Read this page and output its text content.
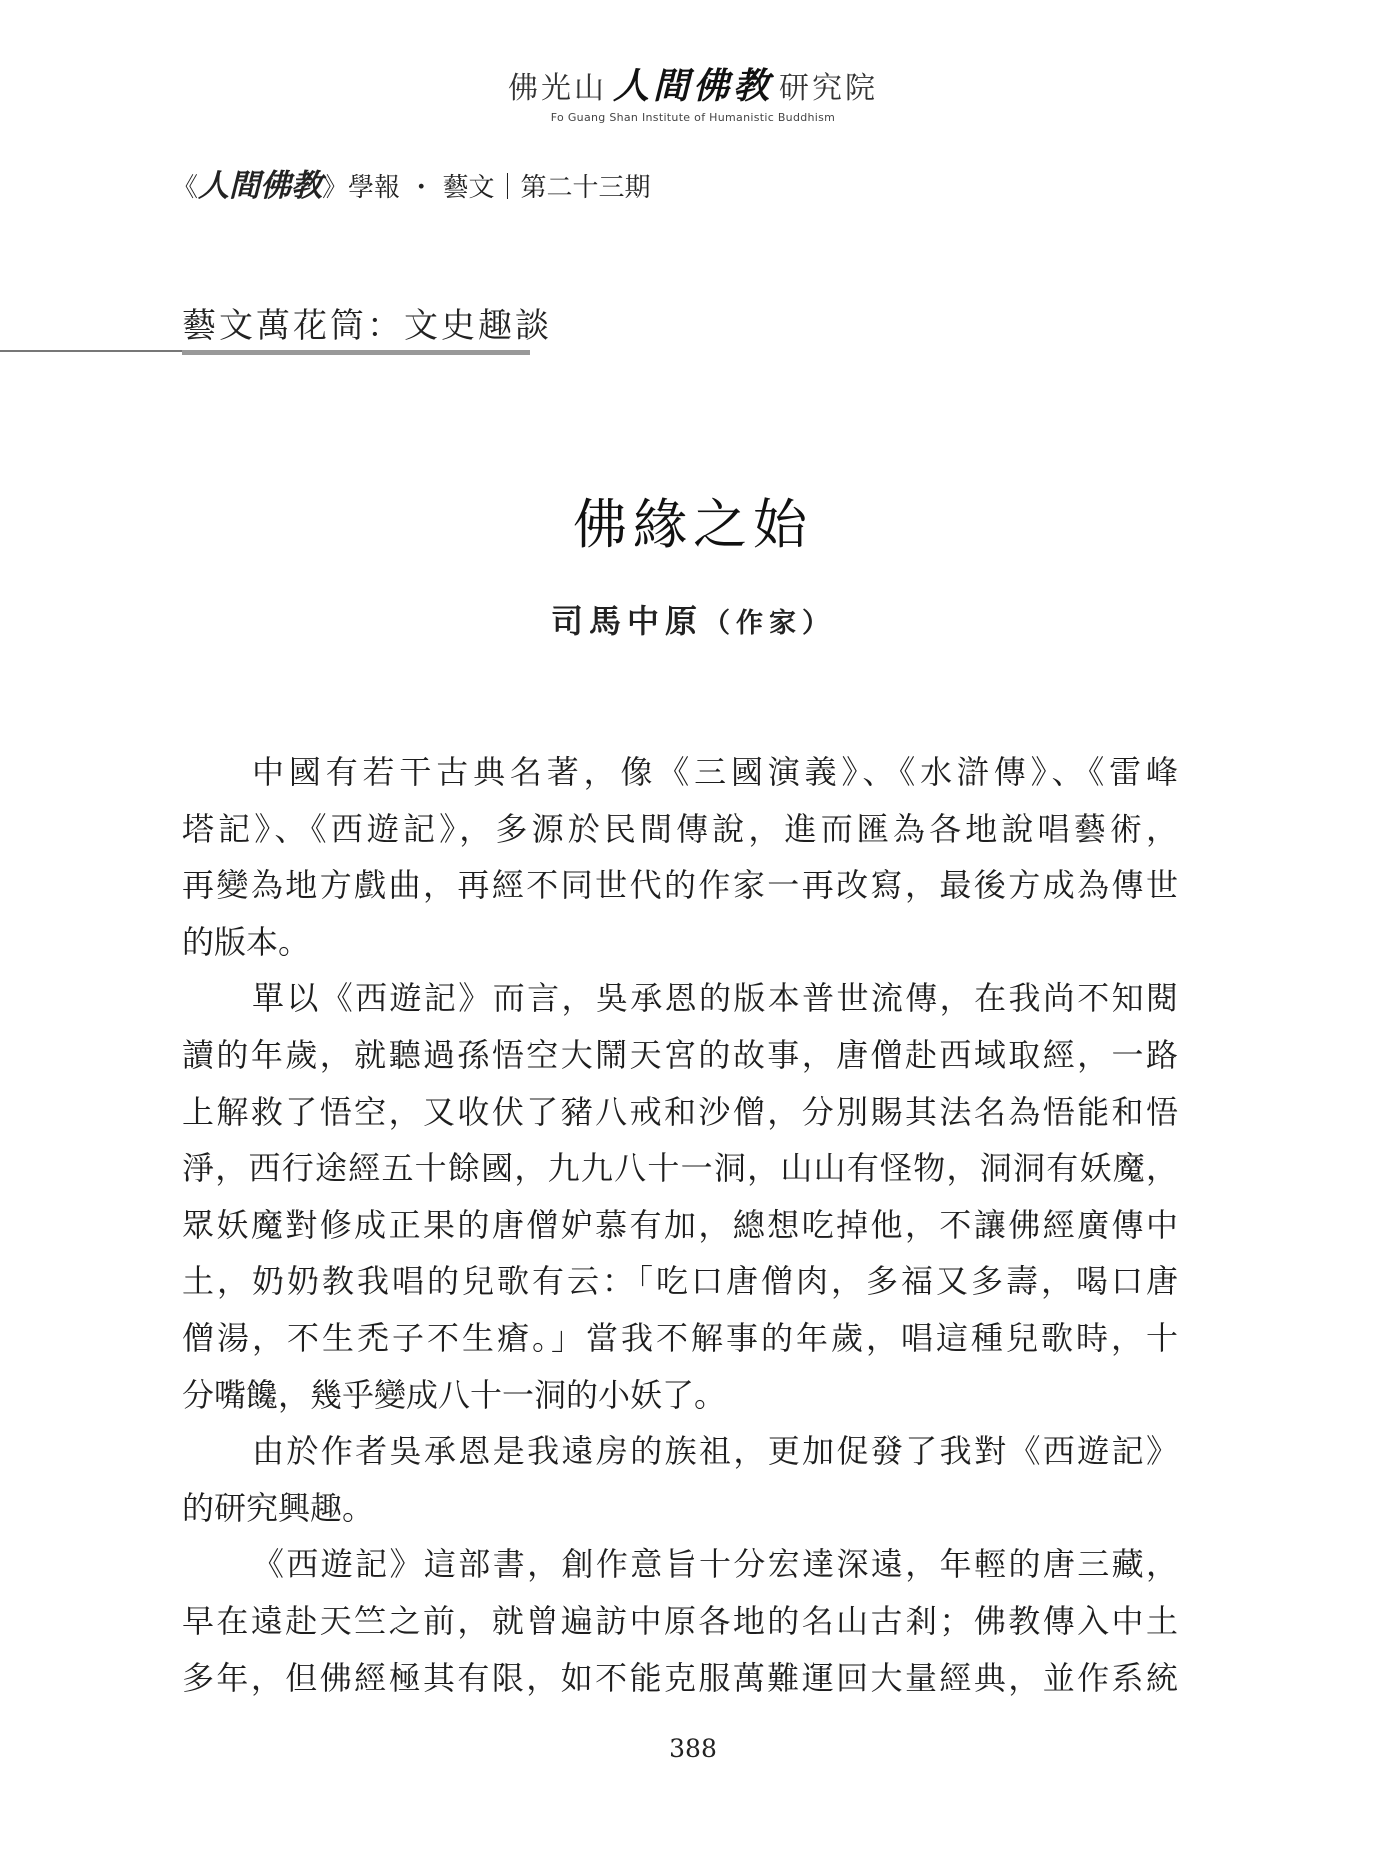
佛光山 人間佛教 研究院
Fo Guang Shan Institute of Humanistic Buddhism
《人間佛教》學報 ・ 藝文｜第二十三期
藝文萬花筒：文史趣談
佛緣之始
司馬中原（作家）
中國有若干古典名著，像《三國演義》、《水滸傳》、《雷峰
塔記》、《西遊記》，多源於民間傳說，進而匯為各地說唱藝術，
再變為地方戲曲，再經不同世代的作家一再改寫，最後方成為傳世
的版本。
單以《西遊記》而言，吳承恩的版本普世流傳，在我尚不知閱
讀的年歲，就聽過孫悟空大鬧天宮的故事，唐僧赴西域取經，一路
上解救了悟空，又收伏了豬八戒和沙僧，分別賜其法名為悟能和悟
淨，西行途經五十餘國，九九八十一洞，山山有怪物，洞洞有妖魔，
眾妖魔對修成正果的唐僧妒慕有加，總想吃掉他，不讓佛經廣傳中
土，奶奶教我唱的兒歌有云：「吃口唐僧肉，多福又多壽，喝口唐
僧湯，不生禿子不生瘡。」當我不解事的年歲，唱這種兒歌時，十
分嘴饞，幾乎變成八十一洞的小妖了。
由於作者吳承恩是我遠房的族祖，更加促發了我對《西遊記》
的研究興趣。
《西遊記》這部書，創作意旨十分宏達深遠，年輕的唐三藏，
早在遠赴天竺之前，就曾遍訪中原各地的名山古剎；佛教傳入中土
多年，但佛經極其有限，如不能克服萬難運回大量經典，並作系統
388
